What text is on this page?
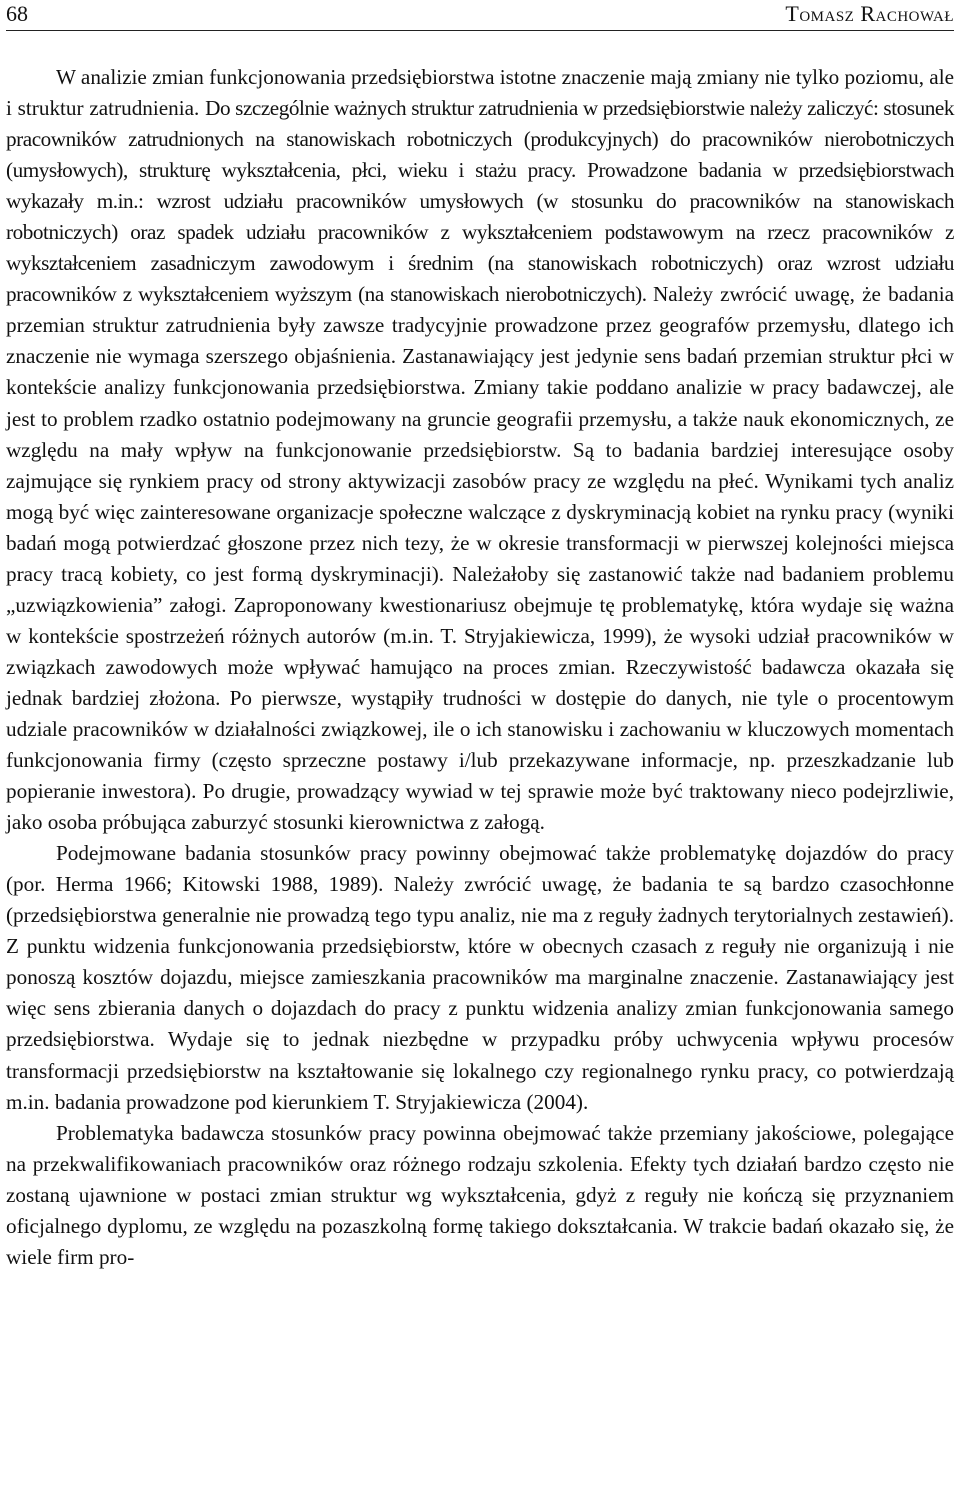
68	Tomasz Rachował

W analizie zmian funkcjonowania przedsiębiorstwa istotne znaczenie mają zmiany nie tylko poziomu, ale i struktur zatrudnienia. Do szczególnie ważnych struktur zatrudnienia w przedsiębiorstwie należy zaliczyć: stosunek pracowników zatrudnionych na stanowiskach robotniczych (produkcyjnych) do pracowników nierobotniczych (umysłowych), strukturę wykształcenia, płci, wieku i stażu pracy. Prowadzone badania w przedsiębiorstwach wykazały m.in.: wzrost udziału pracowników umysłowych (w stosunku do pracowników na stanowiskach robotniczych) oraz spadek udziału pracowników z wykształceniem podstawowym na rzecz pracowników z wykształceniem zasadniczym zawodowym i średnim (na stanowiskach robotniczych) oraz wzrost udziału pracowników z wykształceniem wyższym (na stanowiskach nierobotniczych). Należy zwrócić uwagę, że badania przemian struktur zatrudnienia były zawsze tradycyjnie prowadzone przez geografów przemysłu, dlatego ich znaczenie nie wymaga szerszego objaśnienia. Zastanawiający jest jedynie sens badań przemian struktur płci w kontekście analizy funkcjonowania przedsiębiorstwa. Zmiany takie poddano analizie w pracy badawczej, ale jest to problem rzadko ostatnio podejmowany na gruncie geografii przemysłu, a także nauk ekonomicznych, ze względu na mały wpływ na funkcjonowanie przedsiębiorstw. Są to badania bardziej interesujące osoby zajmujące się rynkiem pracy od strony aktywizacji zasobów pracy ze względu na płeć. Wynikami tych analiz mogą być więc zainteresowane organizacje społeczne walczące z dyskryminacją kobiet na rynku pracy (wyniki badań mogą potwierdzać głoszone przez nich tezy, że w okresie transformacji w pierwszej kolejności miejsca pracy tracą kobiety, co jest formą dyskryminacji). Należałoby się zastanowić także nad badaniem problemu „uzwiązkowienia” załogi. Zaproponowany kwestionariusz obejmuje tę problematykę, która wydaje się ważna w kontekście spostrzeżeń różnych autorów (m.in. T. Stryjakiewicza, 1999), że wysoki udział pracowników w związkach zawodowych może wpływać hamująco na proces zmian. Rzeczywistość badawcza okazała się jednak bardziej złożona. Po pierwsze, wystąpiły trudności w dostępie do danych, nie tyle o procentowym udziale pracowników w działalności związkowej, ile o ich stanowisku i zachowaniu w kluczowych momentach funkcjonowania firmy (często sprzeczne postawy i/lub przekazywane informacje, np. przeszkadzanie lub popieranie inwestora). Po drugie, prowadzący wywiad w tej sprawie może być traktowany nieco podejrzliwie, jako osoba próbująca zaburzyć stosunki kierownictwa z załogą.

Podejmowane badania stosunków pracy powinny obejmować także problematykę dojazdów do pracy (por. Herma 1966; Kitowski 1988, 1989). Należy zwrócić uwagę, że badania te są bardzo czasochłonne (przedsiębiorstwa generalnie nie prowadzą tego typu analiz, nie ma z reguły żadnych terytorialnych zestawień). Z punktu widzenia funkcjonowania przedsiębiorstw, które w obecnych czasach z reguły nie organizują i nie ponoszą kosztów dojazdu, miejsce zamieszkania pracowników ma marginalne znaczenie. Zastanawiający jest więc sens zbierania danych o dojazdach do pracy z punktu widzenia analizy zmian funkcjonowania samego przedsiębiorstwa. Wydaje się to jednak niezbędne w przypadku próby uchwycenia wpływu procesów transformacji przedsiębiorstw na kształtowanie się lokalnego czy regionalnego rynku pracy, co potwierdzają m.in. badania prowadzone pod kierunkiem T. Stryjakiewicza (2004).

Problematyka badawcza stosunków pracy powinna obejmować także przemiany jakościowe, polegające na przekwalifikowaniach pracowników oraz różnego rodzaju szkolenia. Efekty tych działań bardzo często nie zostaną ujawnione w postaci zmian struktur wg wykształcenia, gdyż z reguły nie kończą się przyznaniem oficjalnego dyplomu, ze względu na pozaszkolną formę takiego dokształcania. W trakcie badań okazało się, że wiele firm pro-
